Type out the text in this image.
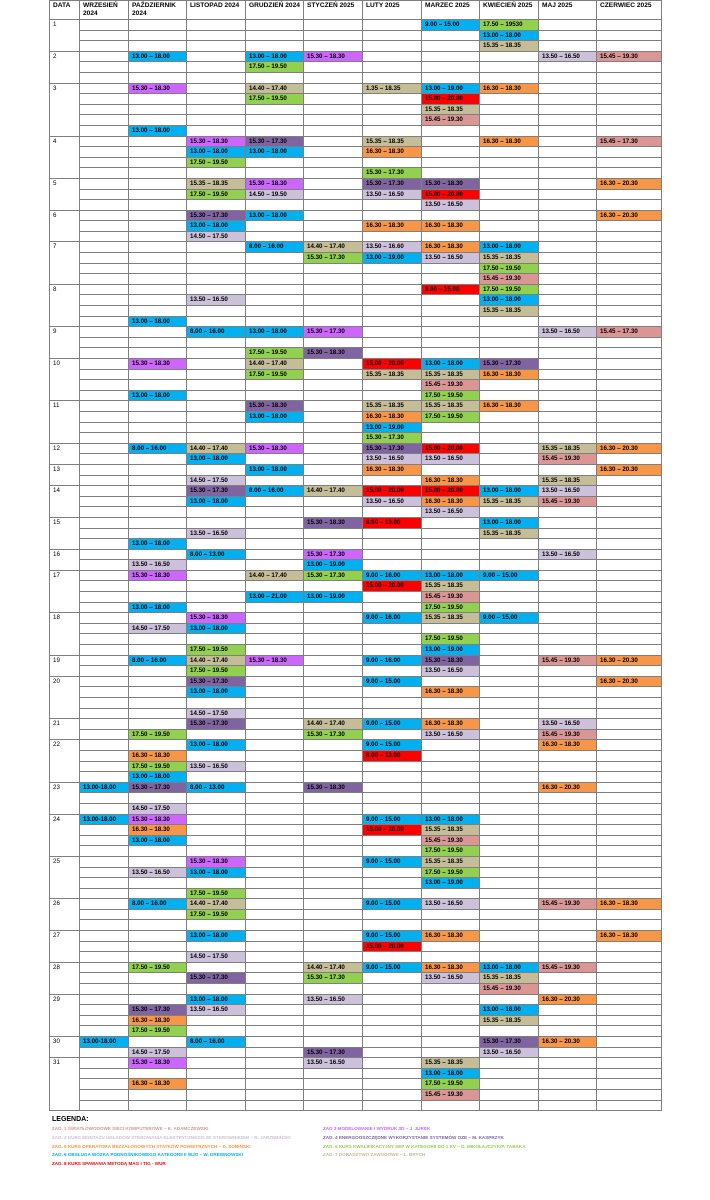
DATA	WRZESIEŃ 2024	PAŹDZIERNIK 2024	LISTOPAD 2024	GRUDZIEŃ 2024	STYCZEŃ 2025	LUTY 2025	MARZEC 2025	KWIECIEŃ 2025	MAJ 2025	CZERWIEC 2025
1							9.00 – 15.00	17.50 – 19530		
								13.00 – 18.00		
								15.35 – 18.35		
2		13.00 – 18.00		13.00 – 18.00	15.30 – 18.30				13.50 – 16.50	15.45 – 19.30
				17.50 – 19.50						

3		15.30 – 18.30		14.40 – 17.40		1.35 – 18.35	13.00 – 19.00	16.30 – 18.30		
				17.50 – 19.50			15.00 – 20.00			
							15.35 – 18.35			
							15.45 – 19.30			
		13.00 – 18.00								
4			15.30 – 18.30	15.30 – 17.30		15.35 – 18.35		16.30 – 18.30		15.45 – 17.30
			13.00 – 18.00	13.00 – 18.00		16.30 – 18.30				
			17.50 – 19.50							
						15.30 – 17.30				
5			15.35 – 18.35	15.30 – 18.30		15.30 – 17.30	15.30 – 18.30			16.30 – 20.30
			17.50 – 19.50	14.50 – 19.50		13.50 – 16.50	15.00 – 20.00			
							13.50 – 16.50			
6			15.30 – 17.30	13.00 – 18.00						16.30 – 20.30
			13.00 – 18.00			16.30 – 18.30	16.30 – 18.30			
			14.50 – 17.50							
7				8.00 – 16.00	14.40 – 17.40	13.50 – 16.60	16.30 – 18.30	13.00 – 18.00		
					15.30 – 17.30	13.00 – 19.00	13.50 – 16.50	15.35 – 18.35		
								17.50 – 19.50		
								15.45 – 19.30		
8							8.00 – 15.00	17.50 – 19.50		
			13.50 – 16.50					13.00 – 18.00		
								15.35 – 18.35		
		13.00 – 18.00								
9			8.00 – 16.00	13.00 – 18.00	15.30 – 17.30				13.50 – 16.50	15.45 – 17.30

				17.50 – 19.50	15.30 – 18.30					
10		15.30 – 18.30		14.40 – 17.40		15.00 – 20.00	13.00 – 18.00	15.30 – 17.30		
				17.50 – 19.50		15.35 – 18.35	15.35 – 18.35	16.30 – 18.30		
							15.45 – 19.30			
		13.00 – 18.00					17.50 – 19.50			
11				15.30 – 18.30		15.35 – 18.35	15.35 – 18.35	16.30 – 18.30		
				13.00 – 18.00		16.30 – 18.30	17.50 – 19.50			
						13.00 – 19.00				
						15.30 – 17.30				
12		8.00 – 16.00	14.40 – 17.40	15.30 – 18.30		15.30 – 17.30	15.00 – 20.00		15.35 – 18.35	16.30 – 20.30
			13.00 – 18.00			13.50 – 16.50	13.50 – 16.50		15.45 – 19.30	
13				13.00 – 18.00		16.30 – 18.30				16.30 – 20.30
			14.50 – 17.50				16.30 – 18.30		15.35 – 18.35	
14			15.30 – 17.30	8.00 – 16.00	14.40 – 17.40	15.00 – 20.00	15.00 – 20.00	13.00 – 18.00	13.50 – 16.50	
			13.00 – 18.00			13.50 – 16.50	16.30 – 18.30	15.35 – 18.35	15.45 – 19.30	
							13.50 – 16.50			
15					15.30 – 18.30	8.00 – 13.00		13.00 – 18.00		
			13.50 – 16.50					15.35 – 18.35		
		13.00 – 18.00								
16			8.00 – 13.00		15.30 – 17.30				13.50 – 16.50	
		13.50 – 16.50			13.00 – 19.00					
17		15.30 – 18.30		14.40 – 17.40	15.30 – 17.30	9.00 – 16.00	13.00 – 18.00	9.00 – 15.00		
						15.00 – 20.00	15.35 – 18.35			
				13.00 – 21.00	13.00 – 19.00		15.45 – 19.30			
		13.00 – 18.00					17.50 – 19.50			
18			15.30 – 18.30			9.00 – 16.00	15.35 – 18.35	9.00 – 15.00		
		14.50 – 17.50	13.00 – 18.00							
							17.50 – 19.50			
			17.50 – 19.50				13.00 – 19.00			
19		8.00 – 16.00	14.40 – 17.40	15.30 – 18.30		9.00 – 16.00	15.30 – 18.30		15.45 – 19.30	16.30 – 20.30
			17.50 – 19.50				13.50 – 16.50			
20			15.30 – 17.30			9.00 – 15.00				16.30 – 20.30
			13.00 – 18.00				16.30 – 18.30			

			14.50 – 17.50							
21			15.30 – 17.30		14.40 – 17.40	9.00 – 15.00	16.30 – 18.30		13.50 – 16.50	
		17.50 – 19.50			15.30 – 17.30		13.50 – 16.50		15.45 – 19.30	
22			13.00 – 18.00			9.00 – 15.00			16.30 – 18.30	
		16.30 – 18.30				8.00 – 13.00				
		17.50 – 19.50	13.50 – 16.50							
		13.00 – 18.00								
23	13.00-18.00	15.30 – 17.30	8.00 – 13.00		15.30 – 18.30				16.30 – 20.30	

		14.50 – 17.50								
24	13.00-18.00	15.30 – 18.30				9.00 – 15.00	13.00 – 18.00			
		16.30 – 18.30				15.00 – 20.00	15.35 – 18.35			
		13.00 – 18.00					15.45 – 19.30			
							17.50 – 19.50			
25			15.30 – 18.30			9.00 – 15.00	15.35 – 18.35			
		13.50 – 16.50	13.00 – 18.00				17.50 – 19.50			
							13.00 – 19.00			
			17.50 – 19.50							
26		8.00 – 16.00	14.40 – 17.40			9.00 – 15.00	13.50 – 16.50		15.45 – 19.30	16.30 – 18.30
			17.50 – 19.50							

27			13.00 – 18.00			9.00 – 15.00	16.30 – 18.30			16.30 – 18.30
						15.00 – 20.00				
			14.50 – 17.50							
28		17.50 – 19.50			14.40 – 17.40	9.00 – 15.00	16.30 – 18.30	13.00 – 18.00	15.45 – 19.30	
			15.30 – 17.30		15.30 – 17.30		13.50 – 16.50	15.35 – 18.35		
								15.45 – 19.30		
29			13.00 – 18.00		13.50 – 16.50				16.30 – 20.30	
		15.30 – 17.30	13.50 – 16.50					13.00 – 18.00		
		16.30 – 18.30						15.35 – 18.35		
		17.50 – 19.50								
30	13.00-18.00		8.00 – 16.00					15.30 – 17.30	16.30 – 20.30	
		14.50 – 17.50			15.30 – 17.30			13.50 – 16.50		
31		15.30 – 18.30			13.50 – 16.50		15.35 – 18.35			
							13.00 – 18.00			
		16.30 – 18.30					17.50 – 19.50			
							15.45 – 19.30			

LEGENDA:
ZAD. 1 ŚWIATŁOWODOWE SIECI KOMPUTEROWE – K. ADAMCZEWSKI
ZAD. 4 KURS MONTAŻU UKŁADÓW STEROWANIA ELEKTRYCZNEGO ZE STEROWNIKIEM – R. JARZĘBIŃSKI
ZAD. 5 KURS OPERATORA BEZZAŁOGOWYCH STATKÓW POWIETRZNYCH – D. SOBIŃSKI
ZAD. 6 OBSŁUGA WÓZKA PODNOŚNIKOWEGO KATEGORII II WJO – W. DREWNOWSKI
ZAD. 8 KURS SPAWANIA METODĄ MAG I TIG - WUR
ZAD 3 MODELOWANIE I WYDRUK 3D – J. JUREK
ZAD. 4 ENERGOOSZCZĘDNE WYKORZYSTANIE SYSTEMÓW OZE – M. KASPRZYK
ZAD. 6 KURS KWALIFIKACYJNY SEP W KATEGORII DO 1 KV – D. MIKOŁAJCZYK/P. TABAKA
ZAD. 7 DORADZTWO ZAWODOWE – L. BRYCH
